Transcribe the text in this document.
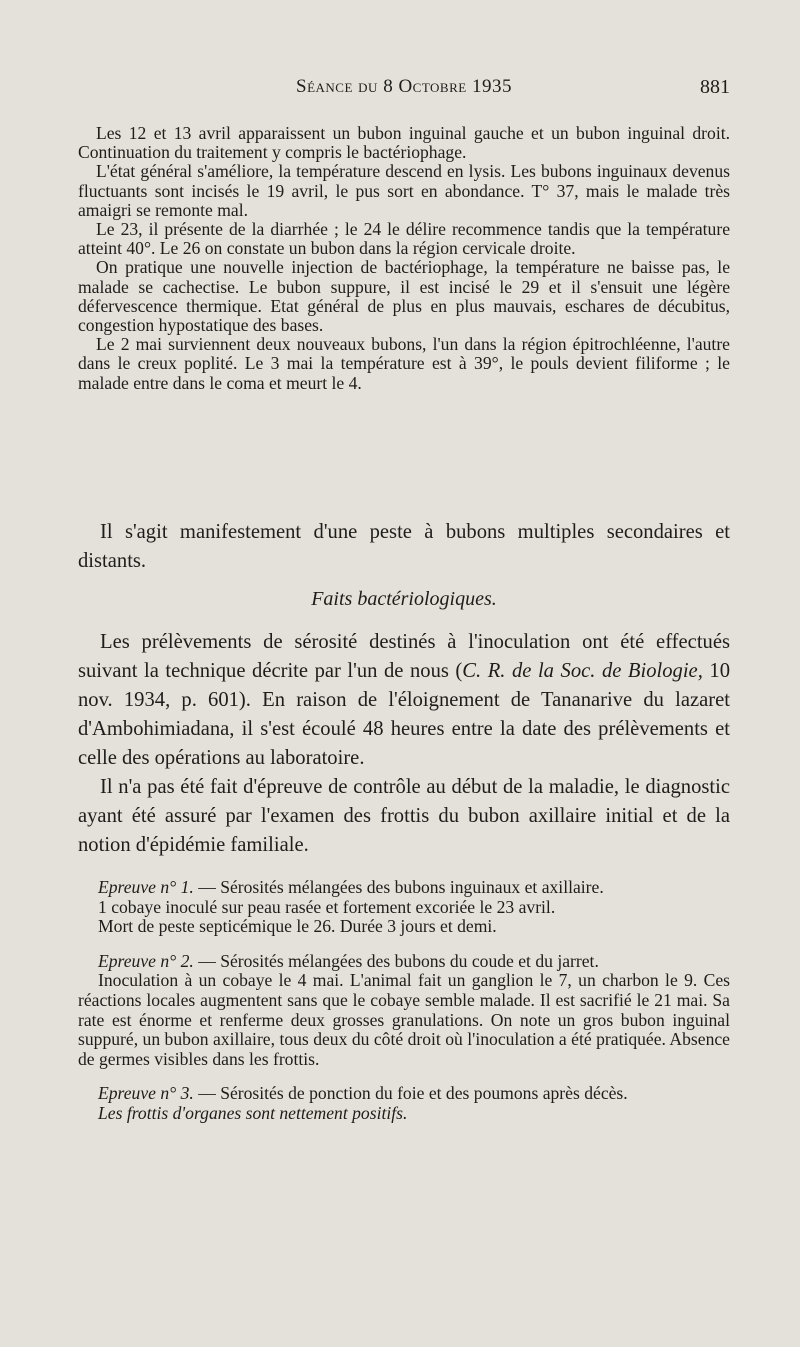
Séance du 8 Octobre 1935	881

Les 12 et 13 avril apparaissent un bubon inguinal gauche et un bubon inguinal droit. Continuation du traitement y compris le bactériophage.

L'état général s'améliore, la température descend en lysis. Les bubons inguinaux devenus fluctuants sont incisés le 19 avril, le pus sort en abondance. T° 37, mais le malade très amaigri se remonte mal.

Le 23, il présente de la diarrhée ; le 24 le délire recommence tandis que la température atteint 40°. Le 26 on constate un bubon dans la région cervicale droite.

On pratique une nouvelle injection de bactériophage, la température ne baisse pas, le malade se cachectise. Le bubon suppure, il est incisé le 29 et il s'ensuit une légère défervescence thermique. Etat général de plus en plus mauvais, eschares de décubitus, congestion hypostatique des bases.

Le 2 mai surviennent deux nouveaux bubons, l'un dans la région épitrochléenne, l'autre dans le creux poplité. Le 3 mai la température est à 39°, le pouls devient filiforme ; le malade entre dans le coma et meurt le 4.

Il s'agit manifestement d'une peste à bubons multiples secondaires et distants.

Faits bactériologiques.

Les prélèvements de sérosité destinés à l'inoculation ont été effectués suivant la technique décrite par l'un de nous (C. R. de la Soc. de Biologie, 10 nov. 1934, p. 601). En raison de l'éloignement de Tananarive du lazaret d'Ambohimiadana, il s'est écoulé 48 heures entre la date des prélèvements et celle des opérations au laboratoire.

Il n'a pas été fait d'épreuve de contrôle au début de la maladie, le diagnostic ayant été assuré par l'examen des frottis du bubon axillaire initial et de la notion d'épidémie familiale.

Epreuve n° 1. — Sérosités mélangées des bubons inguinaux et axillaire.

1 cobaye inoculé sur peau rasée et fortement excoriée le 23 avril.

Mort de peste septicémique le 26. Durée 3 jours et demi.

Epreuve n° 2. — Sérosités mélangées des bubons du coude et du jarret.

Inoculation à un cobaye le 4 mai. L'animal fait un ganglion le 7, un charbon le 9. Ces réactions locales augmentent sans que le cobaye semble malade. Il est sacrifié le 21 mai. Sa rate est énorme et renferme deux grosses granulations. On note un gros bubon inguinal suppuré, un bubon axillaire, tous deux du côté droit où l'inoculation a été pratiquée. Absence de germes visibles dans les frottis.

Epreuve n° 3. — Sérosités de ponction du foie et des poumons après décès.

Les frottis d'organes sont nettement positifs.
